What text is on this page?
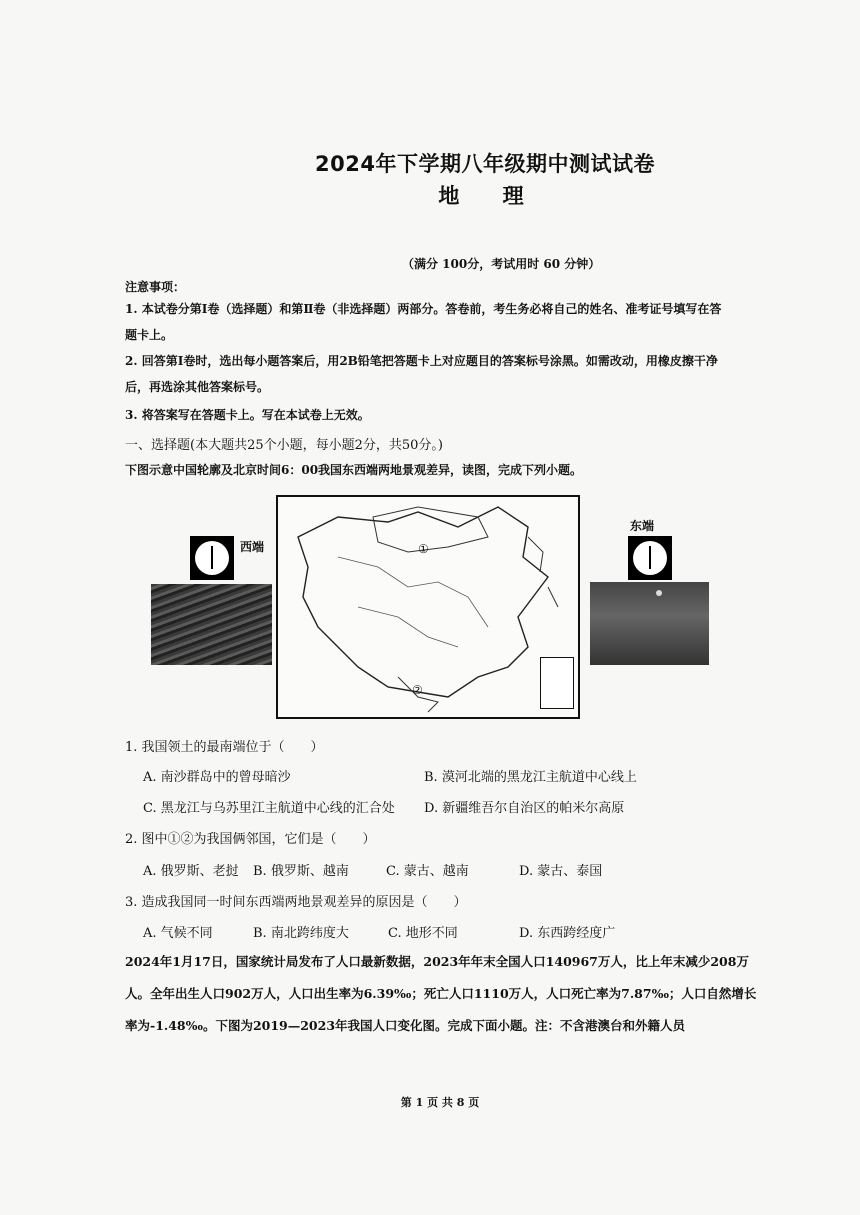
2024年下学期八年级期中测试试卷
地 理
（满分 100分，考试用时 60 分钟）
注意事项：
1. 本试卷分第Ⅰ卷（选择题）和第Ⅱ卷（非选择题）两部分。答卷前，考生务必将自己的姓名、准考证号填写在答题卡上。
2. 回答第Ⅰ卷时，选出每小题答案后，用2B铅笔把答题卡上对应题目的答案标号涂黑。如需改动，用橡皮擦干净后，再选涂其他答案标号。
3. 将答案写在答题卡上。写在本试卷上无效。
一、选择题(本大题共25个小题，每小题2分，共50分。)
下图示意中国轮廓及北京时间6：00我国东西端两地景观差异，读图，完成下列小题。
西端
东端
①
②
1. 我国领土的最南端位于（　　）
A. 南沙群岛中的曾母暗沙	B. 漠河北端的黑龙江主航道中心线上
C. 黑龙江与乌苏里江主航道中心线的汇合处 D. 新疆维吾尔自治区的帕米尔高原
2. 图中①②为我国俩邻国，它们是（　　）
A. 俄罗斯、老挝 B. 俄罗斯、越南	C. 蒙古、越南	D. 蒙古、泰国
3. 造成我国同一时间东西端两地景观差异的原因是（　　）
A. 气候不同	B. 南北跨纬度大	C. 地形不同	D. 东西跨经度广
2024年1月17日，国家统计局发布了人口最新数据，2023年年末全国人口140967万人，比上年末减少208万人。全年出生人口902万人，人口出生率为6.39‰；死亡人口1110万人，人口死亡率为7.87‰；人口自然增长率为-1.48‰。下图为2019—2023年我国人口变化图。完成下面小题。注：不含港澳台和外籍人员
第 1 页 共 8 页
